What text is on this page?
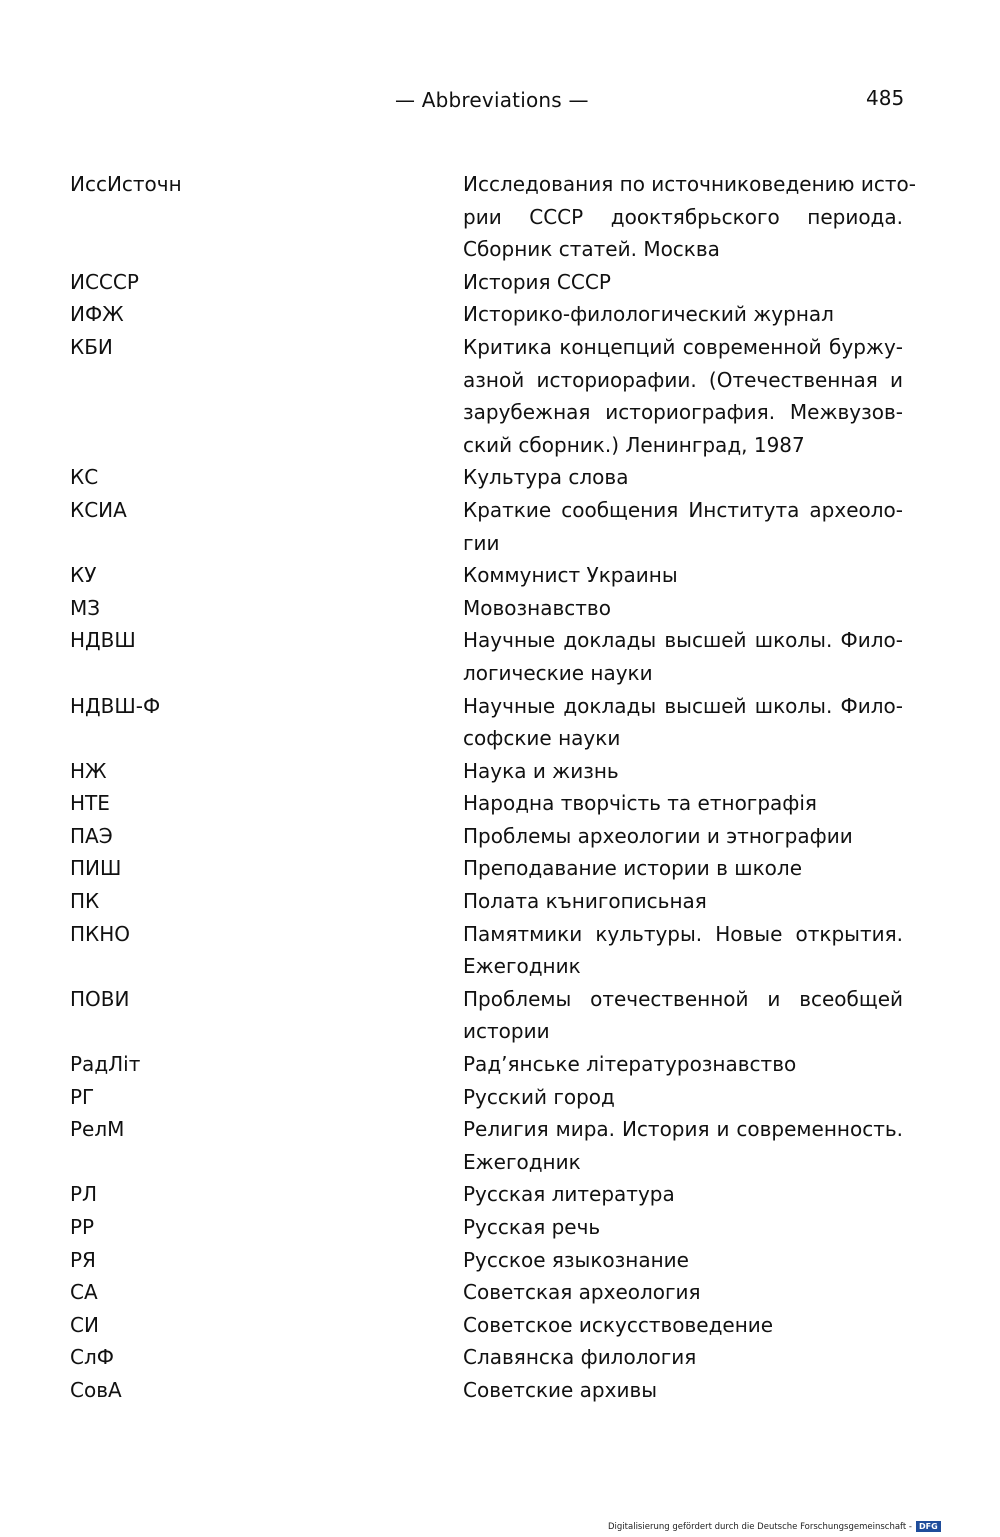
— Abbreviations —	485
ИссИсточн	Исследования по источниковедению исто-
рии СССР дооктябрьского периода.
Сборник статей. Москва
ИСССР	История СССР
ИФЖ	Историко-филологический журнал
КБИ	Критика концепций современной буржу-
азной историорафии. (Отечественная и
зарубежная историография. Межвузов-
ский сборник.) Ленинград, 1987
КС	Культура слова
КСИА	Краткие сообщения Института археоло-
гии
КУ	Коммунист Украины
МЗ	Мовознавство
НДВШ	Научные доклады высшей школы. Фило-
логические науки
НДВШ-Ф	Научные доклады высшей школы. Фило-
софские науки
НЖ	Наука и жизнь
НТЕ	Народна творчість та етнографія
ПАЭ	Проблемы археологии и этнографии
ПИШ	Преподавание истории в школе
ПК	Полата кънигописьная
ПКНО	Памятмики культуры. Новые открытия.
Ежегодник
ПОВИ	Проблемы отечественной и всеобщей
истории
РадЛіт	Рад’янське літературознавство
РГ	Русский город
РелМ	Религия мира. История и современность.
Ежегодник
РЛ	Русская литература
РР	Русская речь
РЯ	Русское языкознание
СА	Советская археология
СИ	Советское искусствоведение
СлФ	Славянска филология
СовА	Советские архивы
Digitalisierung gefördert durch die Deutsche Forschungsgemeinschaft - DFG
